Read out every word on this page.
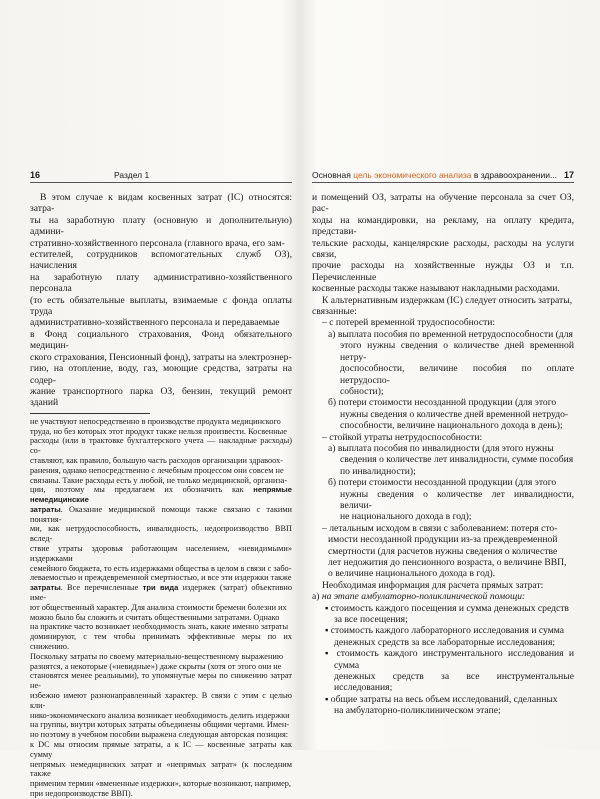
16	Раздел 1

В этом случае к видам косвенных затрат (IC) относятся: затра-

ты на заработную плату (основную и дополнительную) админи-

стративно-хозяйственного персонала (главного врача, его зам-

естителей, сотрудников вспомогательных служб ОЗ), начисления

на заработную плату административно-хозяйственного персонала

(то есть обязательные выплаты, взимаемые с фонда оплаты труда

административно-хозяйственного персонала и передаваемые

в Фонд социального страхования, Фонд обязательного медицин-

ского страхования, Пенсионный фонд), затраты на электроэнер-

гию, на отопление, воду, газ, моющие средства, затраты на содер-

жание транспортного парка ОЗ, бензин, текущий ремонт зданий

не участвуют непосредственно в производстве продукта медицинского

труда, но без которых этот продукт также нельзя произвести. Косвенные

расходы (или в трактовке бухгалтерского учета — накладные расходы) со-

ставляют, как правило, большую часть расходов организации здравоох-

ранения, однако непосредственно с лечебным процессом они совсем не

связаны. Такие расходы есть у любой, не только медицинской, организа-

ции, поэтому мы предлагаем их обозначить как непрямые немедицинские

затраты. Оказание медицинской помощи также связано с такими понятия-

ми, как нетрудоспособность, инвалидность, недопроизводство ВВП вслед-

ствие утраты здоровья работающим населением, «невидимыми» издержками

семейного бюджета, то есть издержками общества в целом в связи с забо-

леваемостью и преждевременной смертностью, и все эти издержки также

затраты. Все перечисленные три вида издержек (затрат) объективно име-

ют общественный характер. Для анализа стоимости бремени болезни их

можно было бы сложить и считать общественными затратами. Однако

на практике часто возникает необходимость знать, какие именно затраты

доминируют, с тем чтобы принимать эффективные меры по их снижению.

Поскольку затраты по своему материально-вещественному выражению

разнятся, а некоторые («невидные») даже скрыты (хотя от этого они не

становятся менее реальными), то упомянутые меры по снижению затрат не-

избежно имеют разнонаправленный характер. В связи с этим с целью кли-

нико-экономического анализа возникает необходимость делить издержки

на группы, внутри которых затраты объединены общими чертами. Имен-

но поэтому в учебном пособии выражена следующая авторская позиция:

к DC мы относим прямые затраты, а к IC — косвенные затраты как сумму

непрямых немедицинских затрат и «непрямых затрат» (к последним также

применим термин «вмененные издержки», которые возникают, например,

при недопроизводстве ВВП).

Основная цель экономического анализа в здравоохранении... 17

и помещений ОЗ, затраты на обучение персонала за счет ОЗ, рас-

ходы на командировки, на рекламу, на оплату кредита, представи-

тельские расходы, канцелярские расходы, расходы на услуги связи,

прочие расходы на хозяйственные нужды ОЗ и т.п. Перечисленные

косвенные расходы также называют накладными расходами.

К альтернативным издержкам (IC) следует относить затраты,

связанные:

– с потерей временной трудоспособности:

а) выплата пособия по временной нетрудоспособности (для

этого нужны сведения о количестве дней временной нетру-

доспособности, величине пособия по оплате нетрудоспо-

собности);

б) потери стоимости несозданной продукции (для этого

нужны сведения о количестве дней временной нетрудо-

способности, величине национального дохода в день);

– стойкой утраты нетрудоспособности:

а) выплата пособия по инвалидности (для этого нужны

сведения о количестве лет инвалидности, сумме пособия

по инвалидности);

б) потери стоимости несозданной продукции (для этого

нужны сведения о количестве лет инвалидности, величи-

не национального дохода в год);

– летальным исходом в связи с заболеванием: потеря сто-

имости несозданной продукции из-за преждевременной

смертности (для расчетов нужны сведения о количестве

лет недожития до пенсионного возраста, о величине ВВП,

о величине национального дохода в год).

Необходимая информация для расчета прямых затрат:

а) на этапе амбулаторно-поликлинической помощи:

▪ стоимость каждого посещения и сумма денежных средств

за все посещения;

▪ стоимость каждого лабораторного исследования и сумма

денежных средств за все лабораторные исследования;

▪ стоимость каждого инструментального исследования и сумма

денежных средств за все инструментальные исследования;

▪ общие затраты на весь объем исследований, сделанных

на амбулаторно-поликлиническом этапе;
